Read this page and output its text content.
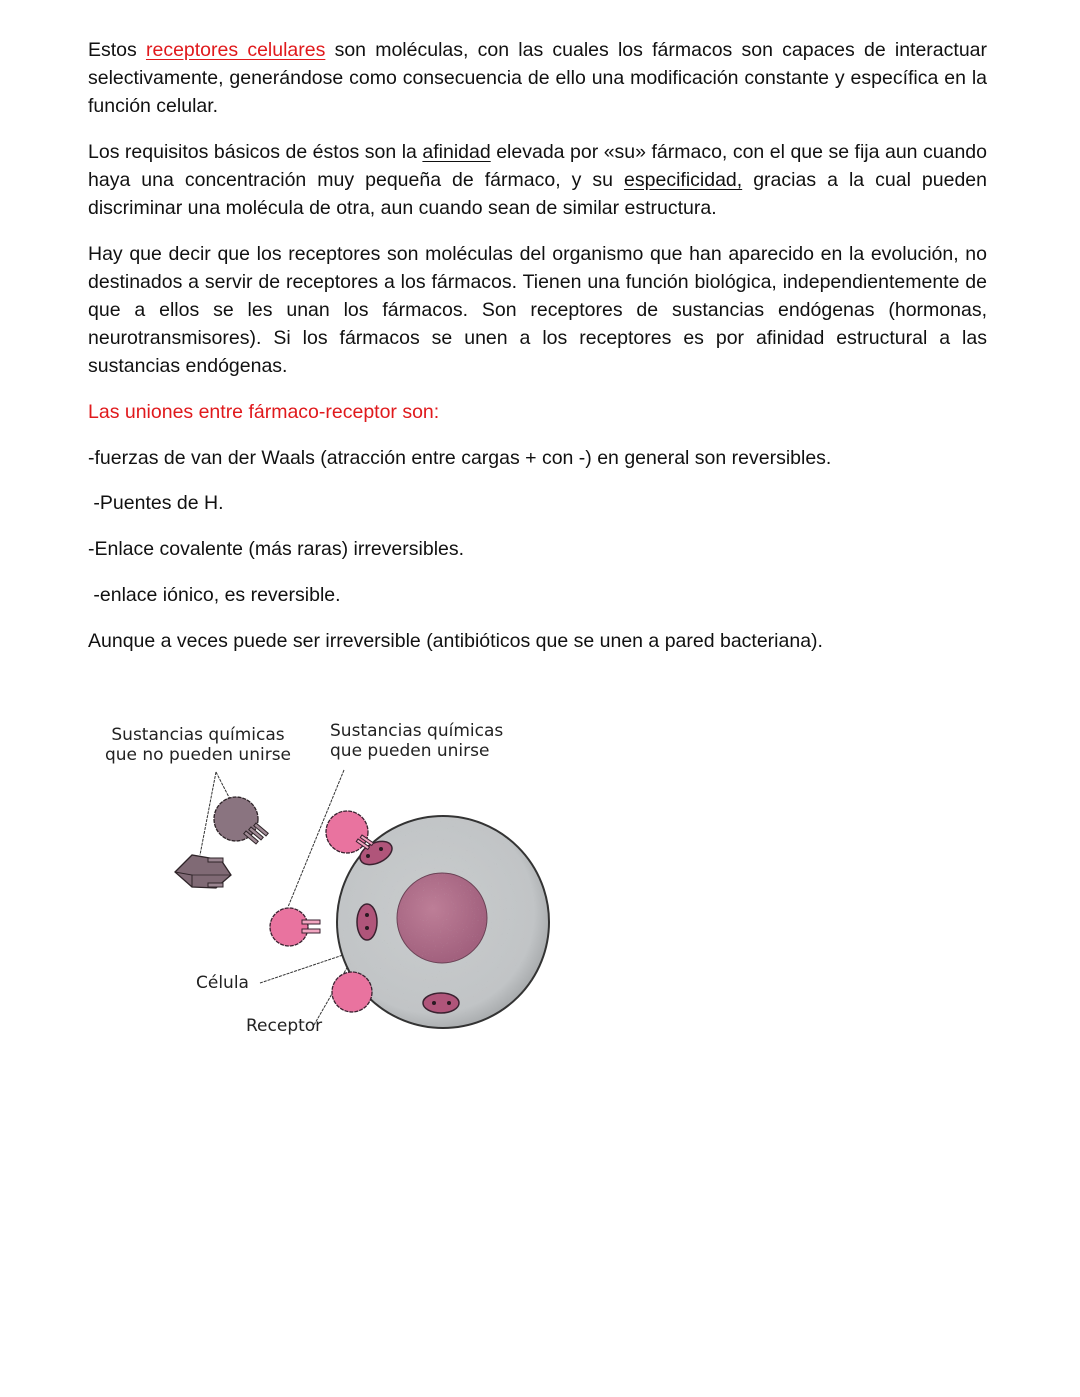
Estos receptores celulares son moléculas, con las cuales los fármacos son capaces de interactuar selectivamente, generándose como consecuencia de ello una modificación constante y específica en la función celular.

Los requisitos básicos de éstos son la afinidad elevada por «su» fármaco, con el que se fija aun cuando haya una concentración muy pequeña de fármaco, y su especificidad, gracias a la cual pueden discriminar una molécula de otra, aun cuando sean de similar estructura.

Hay que decir que los receptores son moléculas del organismo que han aparecido en la evolución, no destinados a servir de receptores a los fármacos. Tienen una función biológica, independientemente de que a ellos se les unan los fármacos. Son receptores de sustancias endógenas (hormonas, neurotransmisores). Si los fármacos se unen a los receptores es por afinidad estructural a las sustancias endógenas.

Las uniones entre fármaco-receptor son:

-fuerzas de van der Waals (atracción entre cargas + con -) en general son reversibles.

-Puentes de H.

-Enlace covalente (más raras) irreversibles.

-enlace iónico, es reversible.

Aunque a veces puede ser irreversible (antibióticos que se unen a pared bacteriana).

Sustancias químicas
que no pueden unirse
Sustancias químicas
que pueden unirse
Célula
Receptor
